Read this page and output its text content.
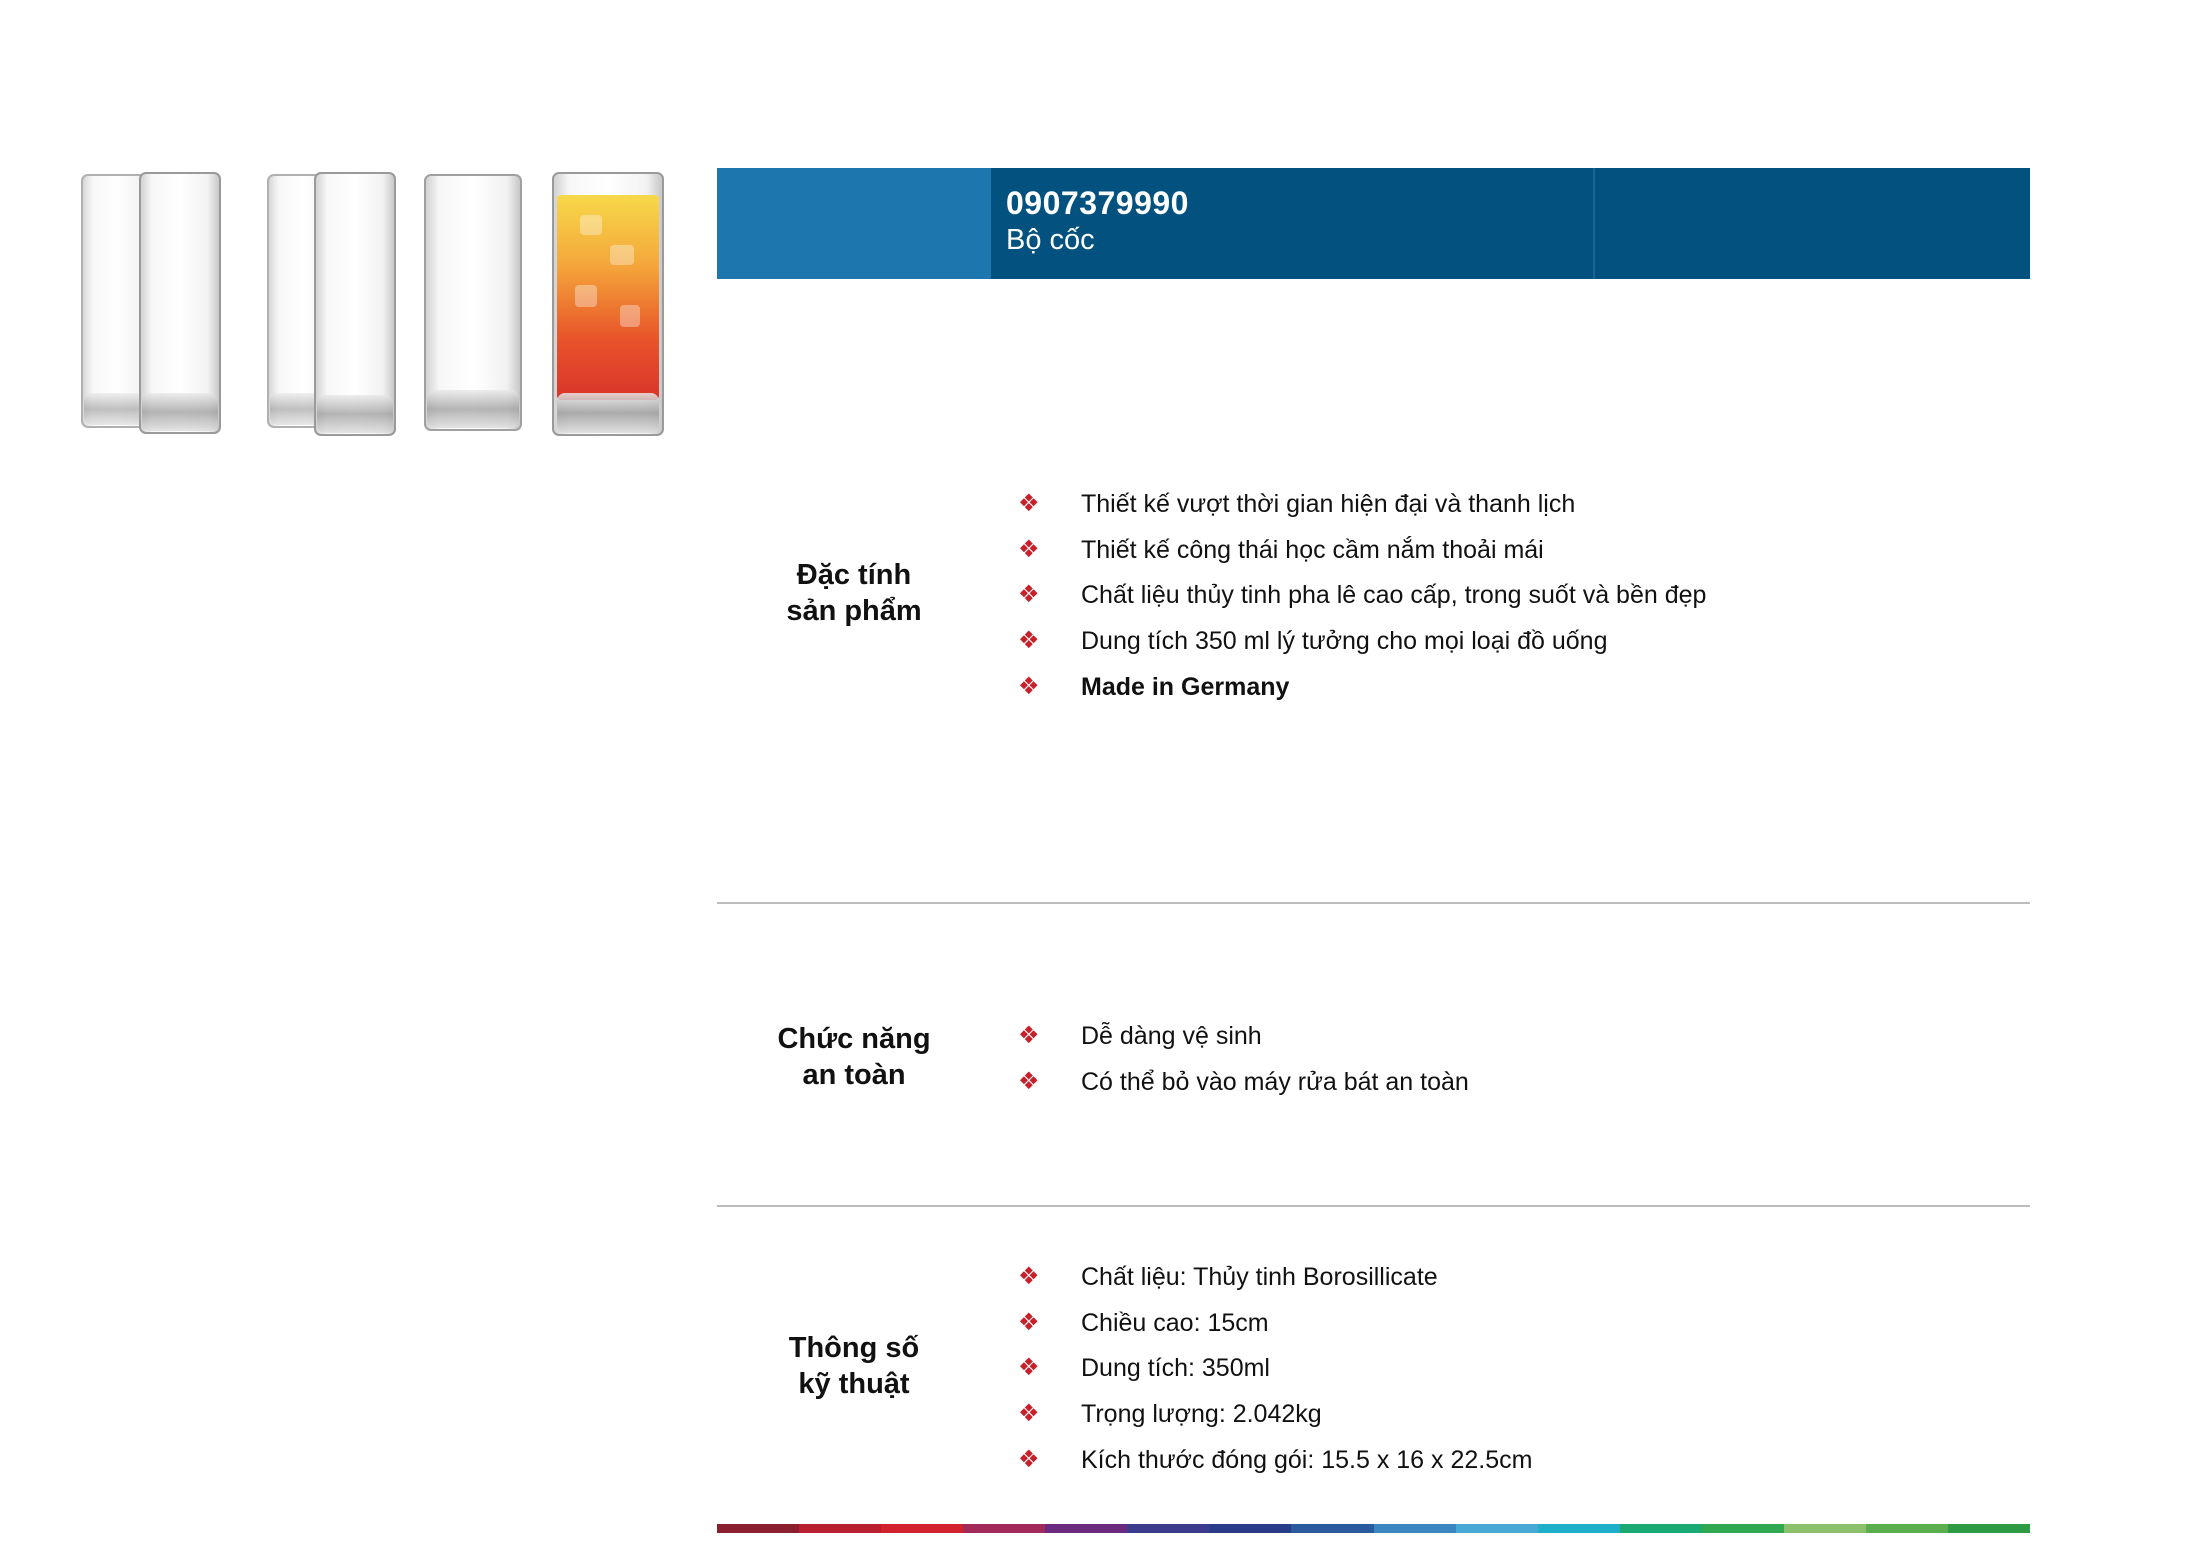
0907379990
Bộ cốc
Đặc tính
sản phẩm
❖ Thiết kế vượt thời gian hiện đại và thanh lịch
❖ Thiết kế công thái học cầm nắm thoải mái
❖ Chất liệu thủy tinh pha lê cao cấp, trong suốt và bền đẹp
❖ Dung tích 350 ml lý tưởng cho mọi loại đồ uống
❖ Made in Germany
Chức năng
an toàn
❖ Dễ dàng vệ sinh
❖ Có thể bỏ vào máy rửa bát an toàn
Thông số
kỹ thuật
❖ Chất liệu: Thủy tinh Borosillicate
❖ Chiều cao: 15cm
❖ Dung tích: 350ml
❖ Trọng lượng: 2.042kg
❖ Kích thước đóng gói: 15.5 x 16 x 22.5cm
